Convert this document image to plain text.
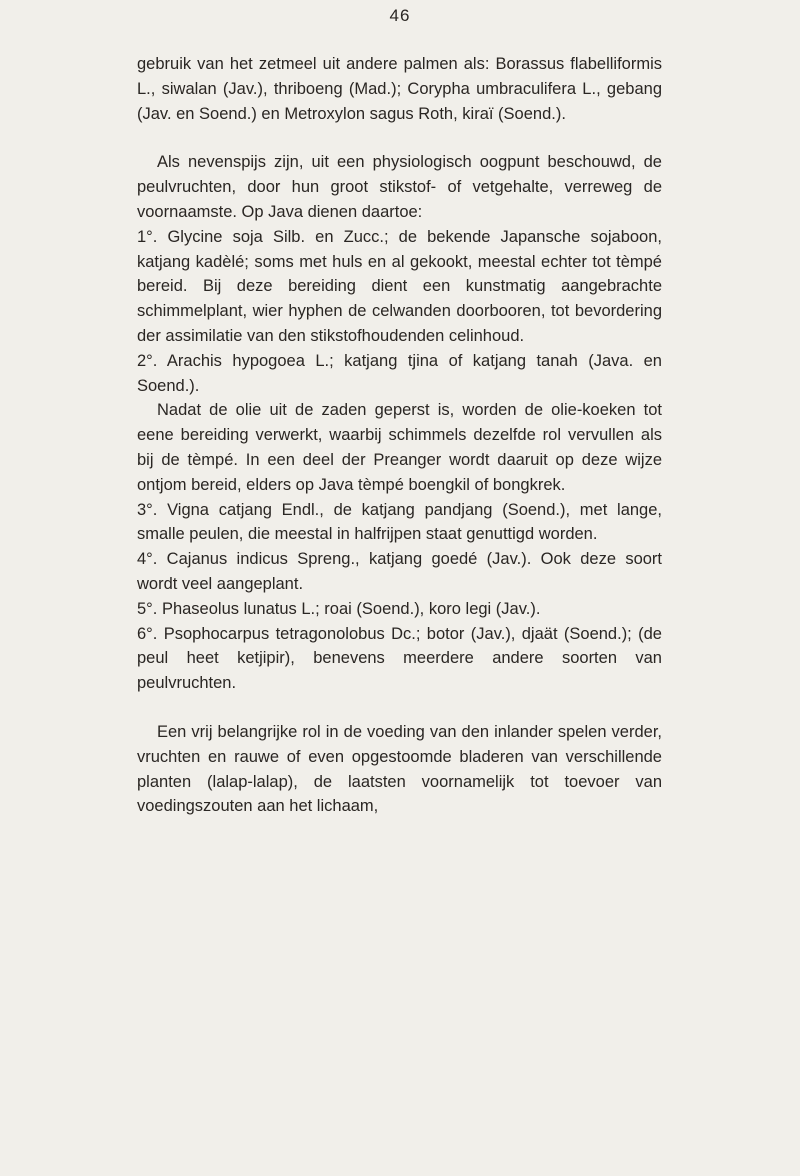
46

gebruik van het zetmeel uit andere palmen als: Borassus flabelliformis L., siwalan (Jav.), thriboeng (Mad.); Corypha umbraculifera L., gebang (Jav. en Soend.) en Metroxylon sagus Roth, kiraï (Soend.).

Als nevenspijs zijn, uit een physiologisch oogpunt beschouwd, de peulvruchten, door hun groot stikstof- of vetgehalte, verreweg de voornaamste. Op Java dienen daartoe:

1°. Glycine soja Silb. en Zucc.; de bekende Japansche sojaboon, katjang kadèlé; soms met huls en al gekookt, meestal echter tot tèmpé bereid. Bij deze bereiding dient een kunstmatig aangebrachte schimmelplant, wier hyphen de celwanden doorbooren, tot bevordering der assimilatie van den stikstofhoudenden celinhoud.

2°. Arachis hypogoea L.; katjang tjina of katjang tanah (Java. en Soend.).

Nadat de olie uit de zaden geperst is, worden de olie-koeken tot eene bereiding verwerkt, waarbij schimmels dezelfde rol vervullen als bij de tèmpé. In een deel der Preanger wordt daaruit op deze wijze ontjom bereid, elders op Java tèmpé boengkil of bongkrek.

3°. Vigna catjang Endl., de katjang pandjang (Soend.), met lange, smalle peulen, die meestal in halfrijpen staat genuttigd worden.

4°. Cajanus indicus Spreng., katjang goedé (Jav.). Ook deze soort wordt veel aangeplant.

5°. Phaseolus lunatus L.; roai (Soend.), koro legi (Jav.).

6°. Psophocarpus tetragonolobus Dc.; botor (Jav.), djaät (Soend.); (de peul heet ketjipir), benevens meerdere andere soorten van peulvruchten.

Een vrij belangrijke rol in de voeding van den inlander spelen verder, vruchten en rauwe of even opgestoomde bladeren van verschillende planten (lalap-lalap), de laatsten voornamelijk tot toevoer van voedingszouten aan het lichaam,
